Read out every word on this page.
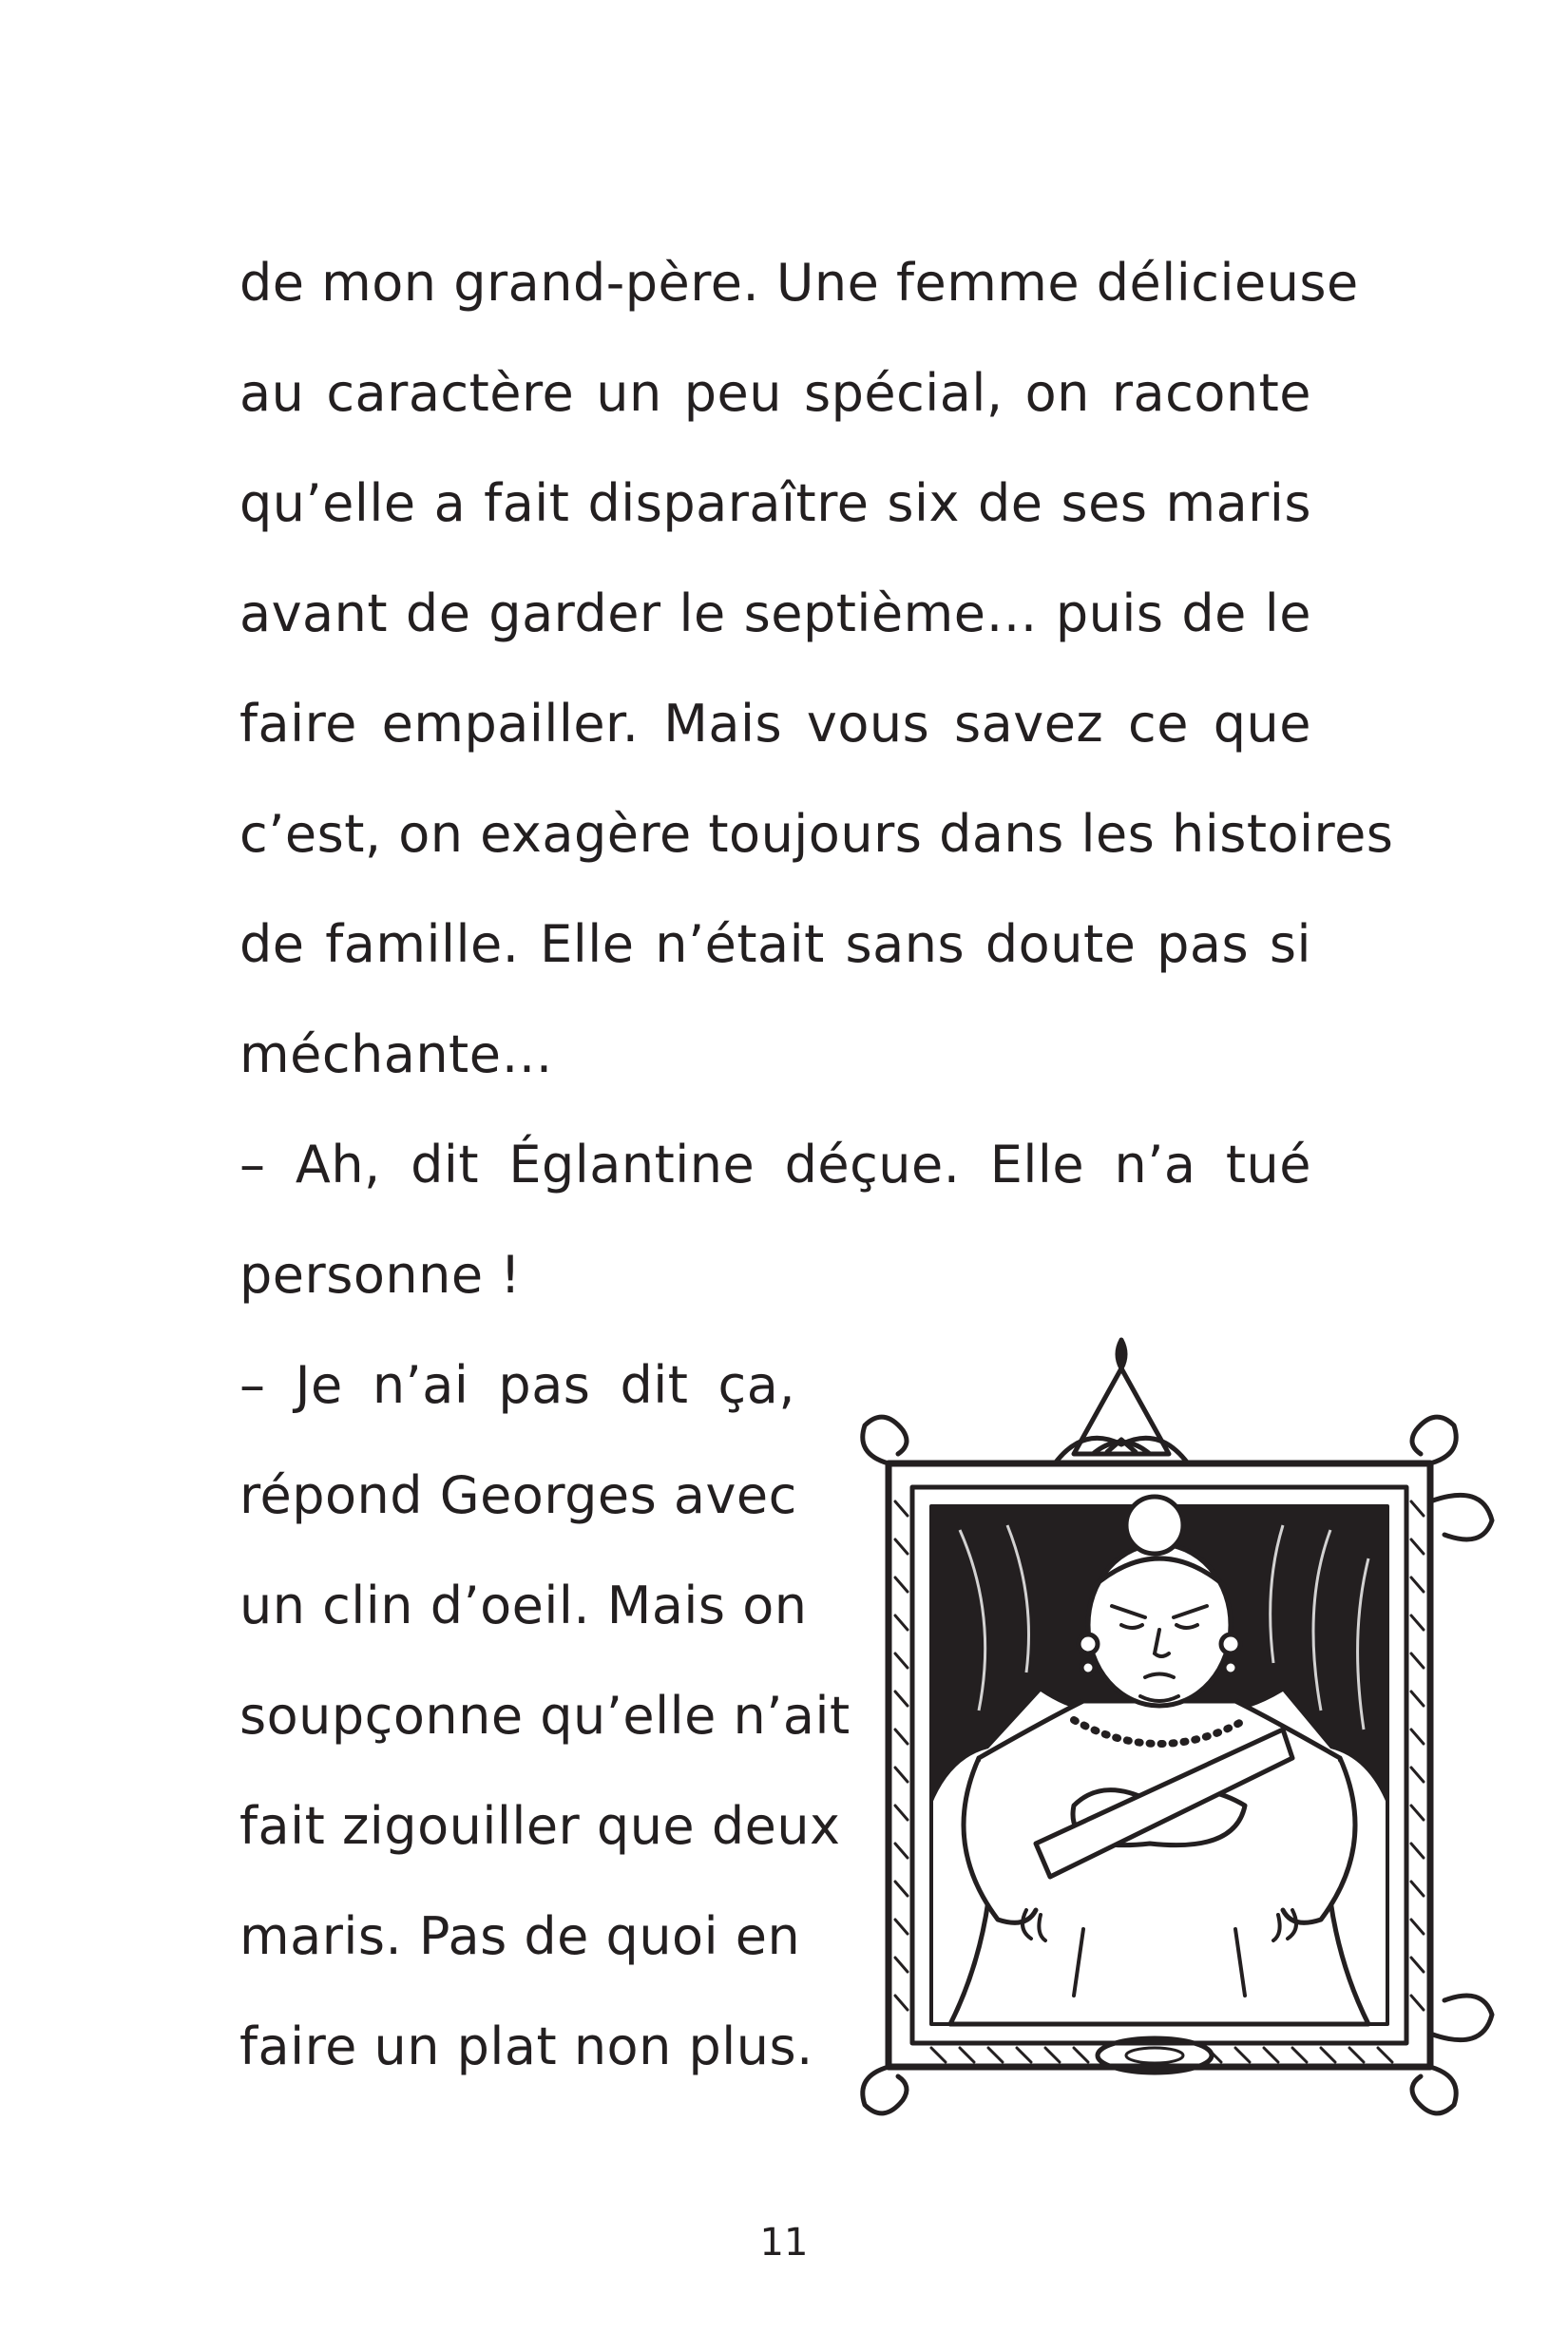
de mon grand-père. Une femme délicieuse
au caractère un peu spécial, on raconte
qu’elle a fait disparaître six de ses maris
avant de garder le septième… puis de le
faire empailler. Mais vous savez ce que
c’est, on exagère toujours dans les histoires
de famille. Elle n’était sans doute pas si
méchante…
– Ah, dit Églantine déçue. Elle n’a tué
personne !
– Je n’ai pas dit ça,
répond Georges avec
un clin d’oeil. Mais on
soupçonne qu’elle n’ait
fait zigouiller que deux
maris. Pas de quoi en
faire un plat non plus.
11
